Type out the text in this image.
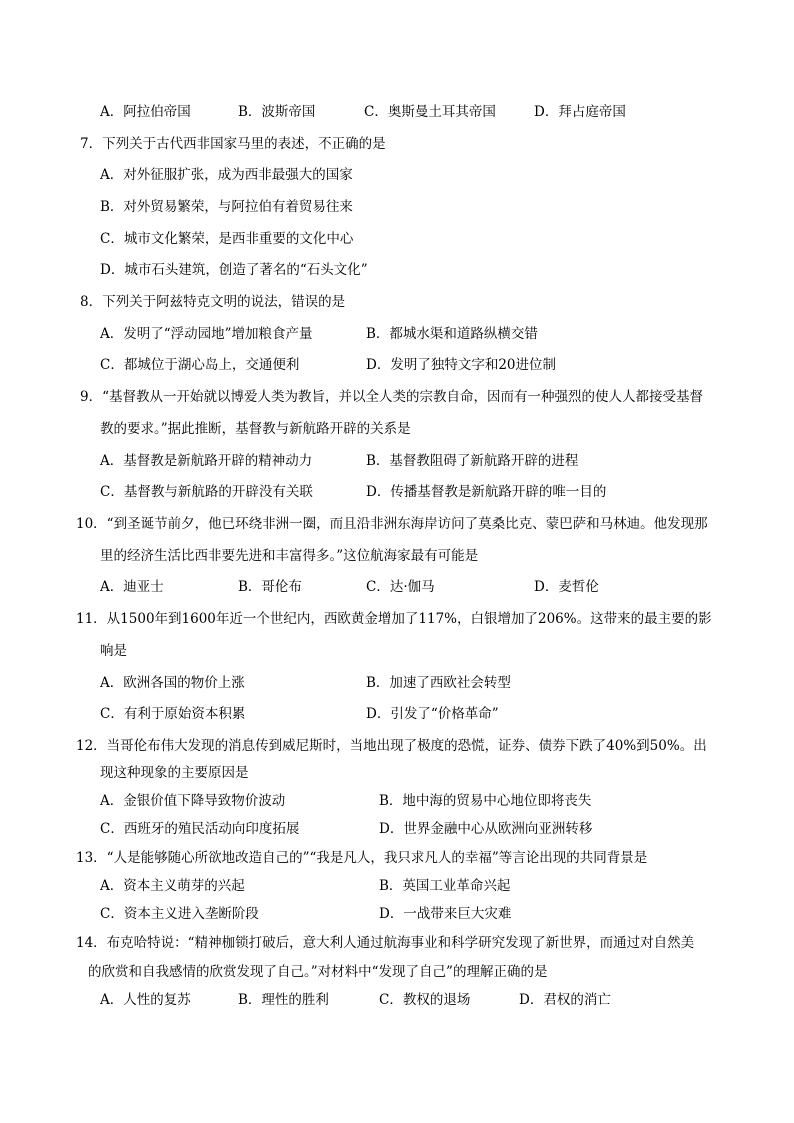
A．阿拉伯帝国	B．波斯帝国	C．奥斯曼土耳其帝国	D．拜占庭帝国
7．下列关于古代西非国家马里的表述，不正确的是
A．对外征服扩张，成为西非最强大的国家
B．对外贸易繁荣，与阿拉伯有着贸易往来
C．城市文化繁荣，是西非重要的文化中心
D．城市石头建筑，创造了著名的“石头文化”
8．下列关于阿兹特克文明的说法，错误的是
A．发明了“浮动园地”增加粮食产量	B．都城水渠和道路纵横交错
C．都城位于湖心岛上，交通便利	D．发明了独特文字和20进位制
9．“基督教从一开始就以博爱人类为教旨，并以全人类的宗教自命，因而有一种强烈的使人人都接受基督
教的要求。”据此推断，基督教与新航路开辟的关系是
A．基督教是新航路开辟的精神动力	B．基督教阻碍了新航路开辟的进程
C．基督教与新航路的开辟没有关联	D．传播基督教是新航路开辟的唯一目的
10．“到圣诞节前夕，他已环绕非洲一圈，而且沿非洲东海岸访问了莫桑比克、蒙巴萨和马林迪。他发现那
里的经济生活比西非要先进和丰富得多。”这位航海家最有可能是
A．迪亚士	B．哥伦布	C．达·伽马	D．麦哲伦
11．从1500年到1600年近一个世纪内，西欧黄金增加了117%，白银增加了206%。这带来的最主要的影
响是
A．欧洲各国的物价上涨	B．加速了西欧社会转型
C．有利于原始资本积累	D．引发了“价格革命”
12．当哥伦布伟大发现的消息传到威尼斯时，当地出现了极度的恐慌，证券、债券下跌了40%到50%。出
现这种现象的主要原因是
A．金银价值下降导致物价波动	B．地中海的贸易中心地位即将丧失
C．西班牙的殖民活动向印度拓展	D．世界金融中心从欧洲向亚洲转移
13．“人是能够随心所欲地改造自己的”“我是凡人，我只求凡人的幸福”等言论出现的共同背景是
A．资本主义萌芽的兴起	B．英国工业革命兴起
C．资本主义进入垄断阶段	D．一战带来巨大灾难
14．布克哈特说：“精神枷锁打破后，意大利人通过航海事业和科学研究发现了新世界，而通过对自然美
的欣赏和自我感情的欣赏发现了自己。”对材料中“发现了自己”的理解正确的是
A．人性的复苏	B．理性的胜利	C．教权的退场	D．君权的消亡
